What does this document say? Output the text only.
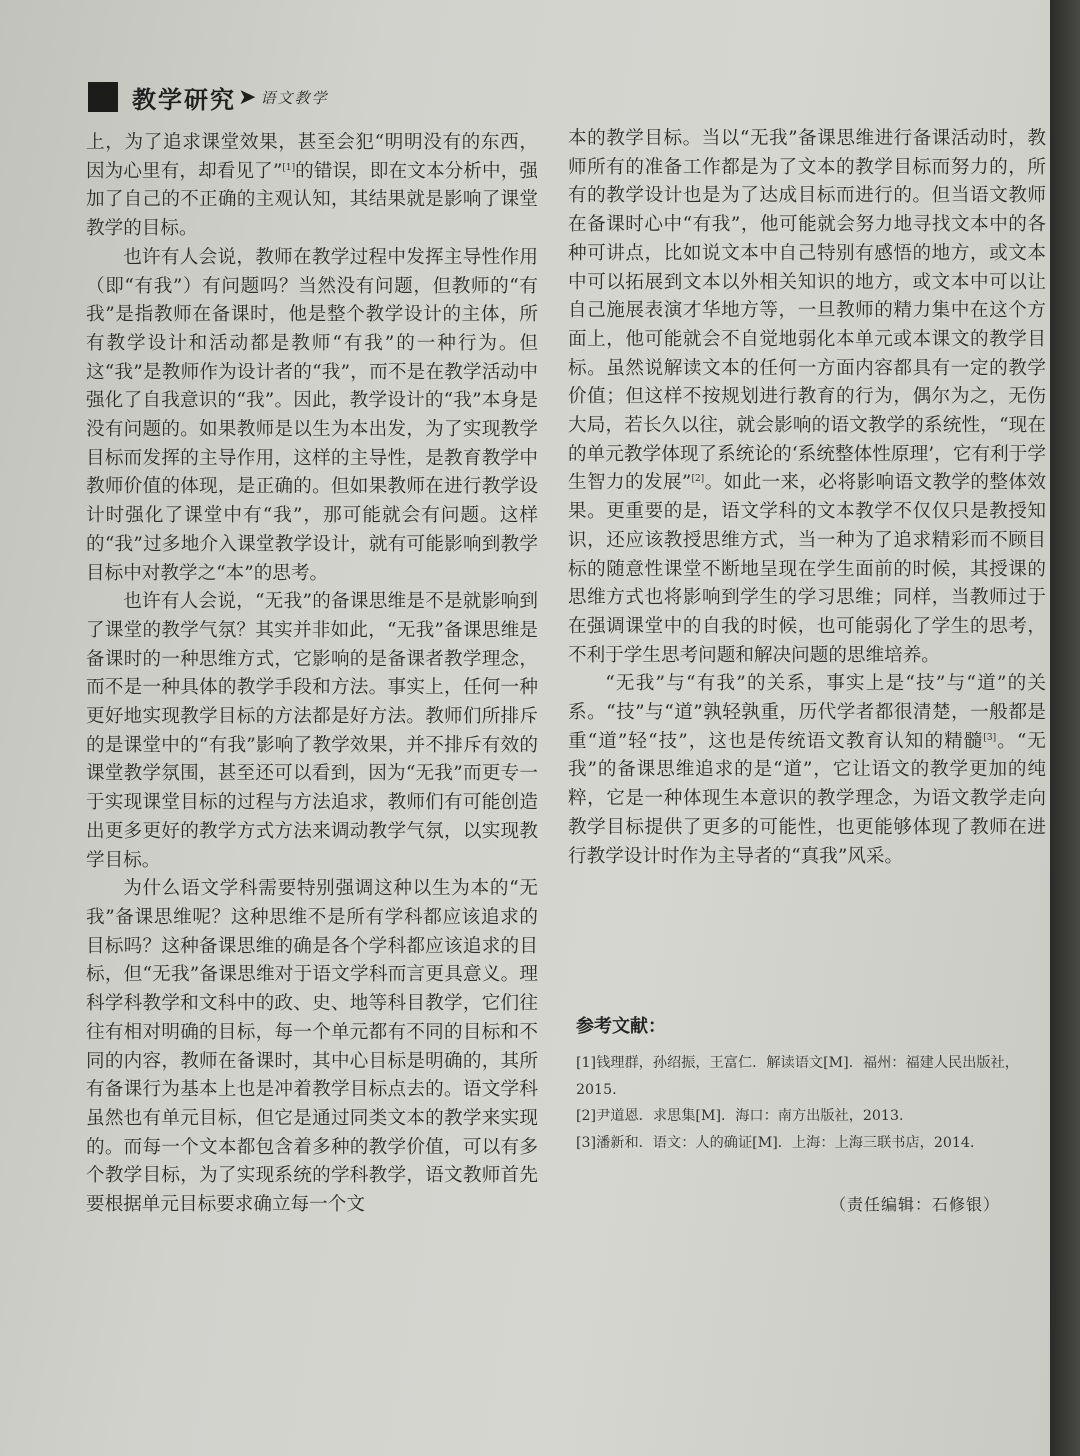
教学研究 ➤ 语文教学

上，为了追求课堂效果，甚至会犯“明明没有的东西，因为心里有，却看见了”[1]的错误，即在文本分析中，强加了自己的不正确的主观认知，其结果就是影响了课堂教学的目标。

也许有人会说，教师在教学过程中发挥主导性作用（即“有我”）有问题吗？当然没有问题，但教师的“有我”是指教师在备课时，他是整个教学设计的主体，所有教学设计和活动都是教师“有我”的一种行为。但这“我”是教师作为设计者的“我”，而不是在教学活动中强化了自我意识的“我”。因此，教学设计的“我”本身是没有问题的。如果教师是以生为本出发，为了实现教学目标而发挥的主导作用，这样的主导性，是教育教学中教师价值的体现，是正确的。但如果教师在进行教学设计时强化了课堂中有“我”，那可能就会有问题。这样的“我”过多地介入课堂教学设计，就有可能影响到教学目标中对教学之“本”的思考。

也许有人会说，“无我”的备课思维是不是就影响到了课堂的教学气氛？其实并非如此，“无我”备课思维是备课时的一种思维方式，它影响的是备课者教学理念，而不是一种具体的教学手段和方法。事实上，任何一种更好地实现教学目标的方法都是好方法。教师们所排斥的是课堂中的“有我”影响了教学效果，并不排斥有效的课堂教学氛围，甚至还可以看到，因为“无我”而更专一于实现课堂目标的过程与方法追求，教师们有可能创造出更多更好的教学方式方法来调动教学气氛，以实现教学目标。

为什么语文学科需要特别强调这种以生为本的“无我”备课思维呢？这种思维不是所有学科都应该追求的目标吗？这种备课思维的确是各个学科都应该追求的目标，但“无我”备课思维对于语文学科而言更具意义。理科学科教学和文科中的政、史、地等科目教学，它们往往有相对明确的目标，每一个单元都有不同的目标和不同的内容，教师在备课时，其中心目标是明确的，其所有备课行为基本上也是冲着教学目标点去的。语文学科虽然也有单元目标，但它是通过同类文本的教学来实现的。而每一个文本都包含着多种的教学价值，可以有多个教学目标，为了实现系统的学科教学，语文教师首先要根据单元目标要求确立每一个文

本的教学目标。当以“无我”备课思维进行备课活动时，教师所有的准备工作都是为了文本的教学目标而努力的，所有的教学设计也是为了达成目标而进行的。但当语文教师在备课时心中“有我”，他可能就会努力地寻找文本中的各种可讲点，比如说文本中自己特别有感悟的地方，或文本中可以拓展到文本以外相关知识的地方，或文本中可以让自己施展表演才华地方等，一旦教师的精力集中在这个方面上，他可能就会不自觉地弱化本单元或本课文的教学目标。虽然说解读文本的任何一方面内容都具有一定的教学价值；但这样不按规划进行教育的行为，偶尔为之，无伤大局，若长久以往，就会影响的语文教学的系统性，“现在的单元教学体现了系统论的‘系统整体性原理’，它有利于学生智力的发展”[2]。如此一来，必将影响语文教学的整体效果。更重要的是，语文学科的文本教学不仅仅只是教授知识，还应该教授思维方式，当一种为了追求精彩而不顾目标的随意性课堂不断地呈现在学生面前的时候，其授课的思维方式也将影响到学生的学习思维；同样，当教师过于在强调课堂中的自我的时候，也可能弱化了学生的思考，不利于学生思考问题和解决问题的思维培养。

“无我”与“有我”的关系，事实上是“技”与“道”的关系。“技”与“道”孰轻孰重，历代学者都很清楚，一般都是重“道”轻“技”，这也是传统语文教育认知的精髓[3]。“无我”的备课思维追求的是“道”，它让语文的教学更加的纯粹，它是一种体现生本意识的教学理念，为语文教学走向教学目标提供了更多的可能性，也更能够体现了教师在进行教学设计时作为主导者的“真我”风采。

参考文献：
[1]钱理群，孙绍振，王富仁．解读语文[M]．福州：福建人民出版社，2015.
[2]尹道恩．求思集[M]．海口：南方出版社，2013.
[3]潘新和．语文：人的确证[M]．上海：上海三联书店，2014.
（责任编辑：石修银）
